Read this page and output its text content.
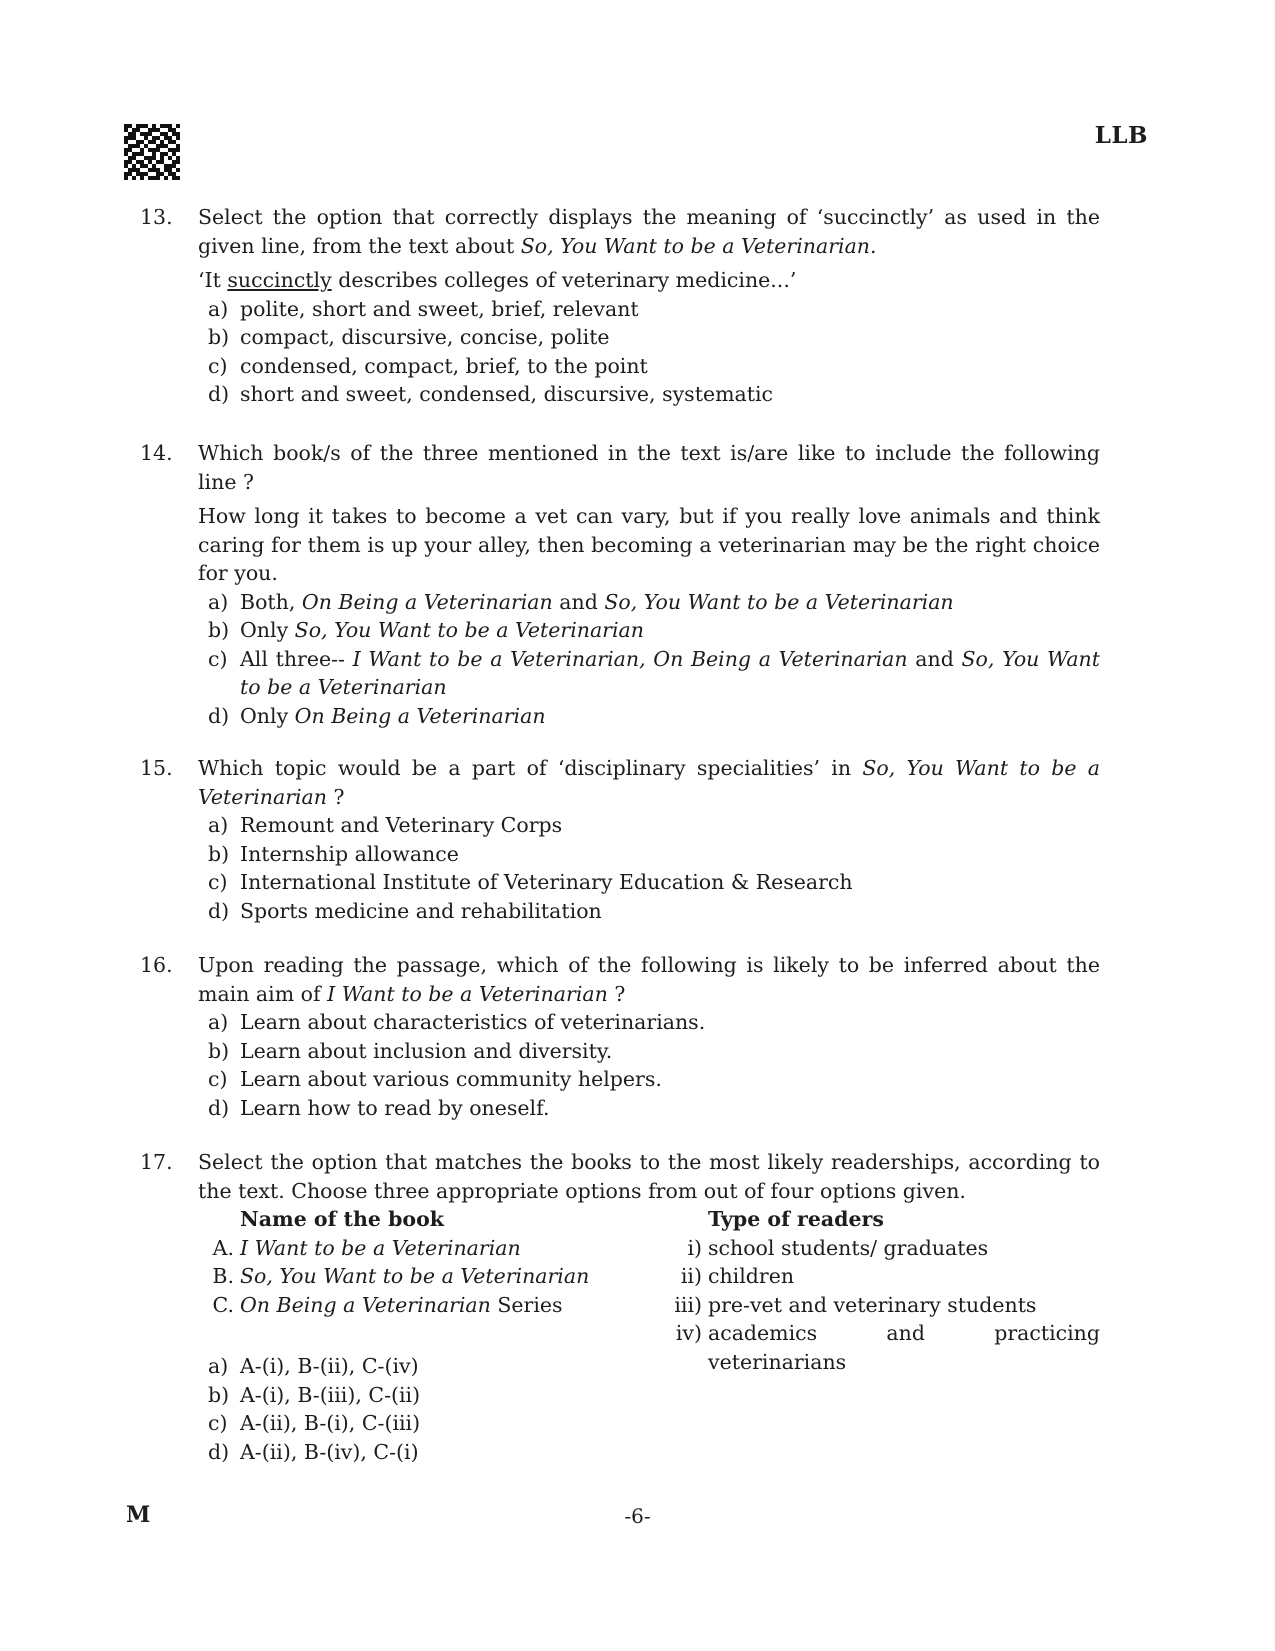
LLB
13. Select the option that correctly displays the meaning of ‘succinctly’ as used in the given line, from the text about So, You Want to be a Veterinarian.
‘It succinctly describes colleges of veterinary medicine...’
a) polite, short and sweet, brief, relevant
b) compact, discursive, concise, polite
c) condensed, compact, brief, to the point
d) short and sweet, condensed, discursive, systematic
14. Which book/s of the three mentioned in the text is/are like to include the following line ?
How long it takes to become a vet can vary, but if you really love animals and think caring for them is up your alley, then becoming a veterinarian may be the right choice for you.
a) Both, On Being a Veterinarian and So, You Want to be a Veterinarian
b) Only So, You Want to be a Veterinarian
c) All three-- I Want to be a Veterinarian, On Being a Veterinarian and So, You Want to be a Veterinarian
d) Only On Being a Veterinarian
15. Which topic would be a part of ‘disciplinary specialities’ in So, You Want to be a Veterinarian ?
a) Remount and Veterinary Corps
b) Internship allowance
c) International Institute of Veterinary Education & Research
d) Sports medicine and rehabilitation
16. Upon reading the passage, which of the following is likely to be inferred about the main aim of I Want to be a Veterinarian ?
a) Learn about characteristics of veterinarians.
b) Learn about inclusion and diversity.
c) Learn about various community helpers.
d) Learn how to read by oneself.
17. Select the option that matches the books to the most likely readerships, according to the text. Choose three appropriate options from out of four options given.
Name of the book	Type of readers
A. I Want to be a Veterinarian
B. So, You Want to be a Veterinarian
C. On Being a Veterinarian Series
i) school students/ graduates
ii) children
iii) pre-vet and veterinary students
iv) academics and practicing veterinarians
a) A-(i), B-(ii), C-(iv)
b) A-(i), B-(iii), C-(ii)
c) A-(ii), B-(i), C-(iii)
d) A-(ii), B-(iv), C-(i)
M	-6-
